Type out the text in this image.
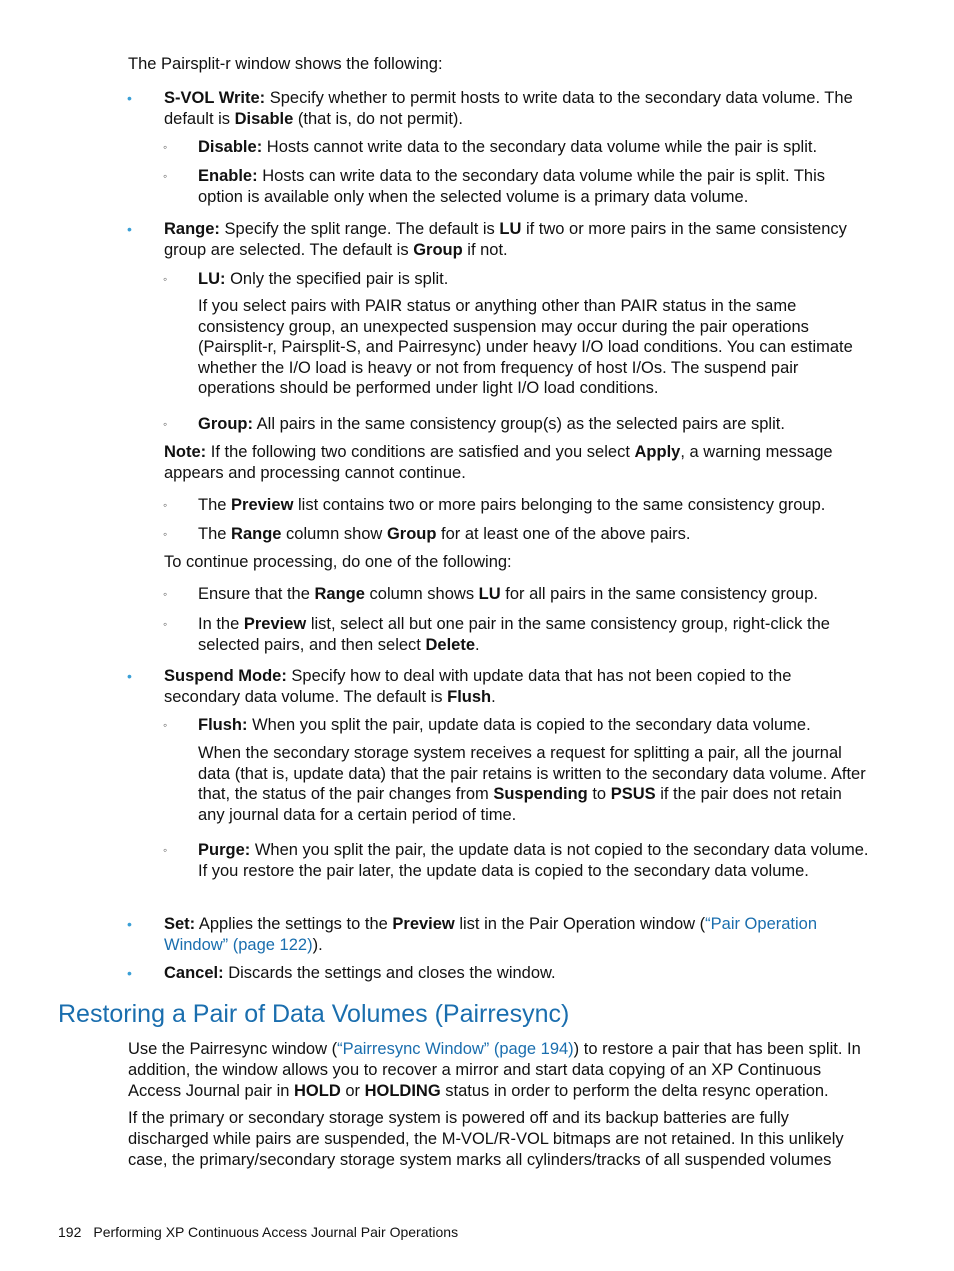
The Pairsplit-r window shows the following:
•	S-VOL Write: Specify whether to permit hosts to write data to the secondary data volume. The default is Disable (that is, do not permit).
◦	Disable: Hosts cannot write data to the secondary data volume while the pair is split.
◦	Enable: Hosts can write data to the secondary data volume while the pair is split. This option is available only when the selected volume is a primary data volume.
•	Range: Specify the split range. The default is LU if two or more pairs in the same consistency group are selected. The default is Group if not.
◦	LU: Only the specified pair is split.
If you select pairs with PAIR status or anything other than PAIR status in the same consistency group, an unexpected suspension may occur during the pair operations (Pairsplit-r, Pairsplit-S, and Pairresync) under heavy I/O load conditions. You can estimate whether the I/O load is heavy or not from frequency of host I/Os. The suspend pair operations should be performed under light I/O load conditions.
◦	Group: All pairs in the same consistency group(s) as the selected pairs are split.
Note: If the following two conditions are satisfied and you select Apply, a warning message appears and processing cannot continue.
◦	The Preview list contains two or more pairs belonging to the same consistency group.
◦	The Range column show Group for at least one of the above pairs.
To continue processing, do one of the following:
◦	Ensure that the Range column shows LU for all pairs in the same consistency group.
◦	In the Preview list, select all but one pair in the same consistency group, right-click the selected pairs, and then select Delete.
•	Suspend Mode: Specify how to deal with update data that has not been copied to the secondary data volume. The default is Flush.
◦	Flush: When you split the pair, update data is copied to the secondary data volume.
When the secondary storage system receives a request for splitting a pair, all the journal data (that is, update data) that the pair retains is written to the secondary data volume. After that, the status of the pair changes from Suspending to PSUS if the pair does not retain any journal data for a certain period of time.
◦	Purge: When you split the pair, the update data is not copied to the secondary data volume. If you restore the pair later, the update data is copied to the secondary data volume.
•	Set: Applies the settings to the Preview list in the Pair Operation window (“Pair Operation Window” (page 122)).
•	Cancel: Discards the settings and closes the window.
Restoring a Pair of Data Volumes (Pairresync)
Use the Pairresync window (“Pairresync Window” (page 194)) to restore a pair that has been split. In addition, the window allows you to recover a mirror and start data copying of an XP Continuous Access Journal pair in HOLD or HOLDING status in order to perform the delta resync operation.
If the primary or secondary storage system is powered off and its backup batteries are fully discharged while pairs are suspended, the M-VOL/R-VOL bitmaps are not retained. In this unlikely case, the primary/secondary storage system marks all cylinders/tracks of all suspended volumes
192 Performing XP Continuous Access Journal Pair Operations
